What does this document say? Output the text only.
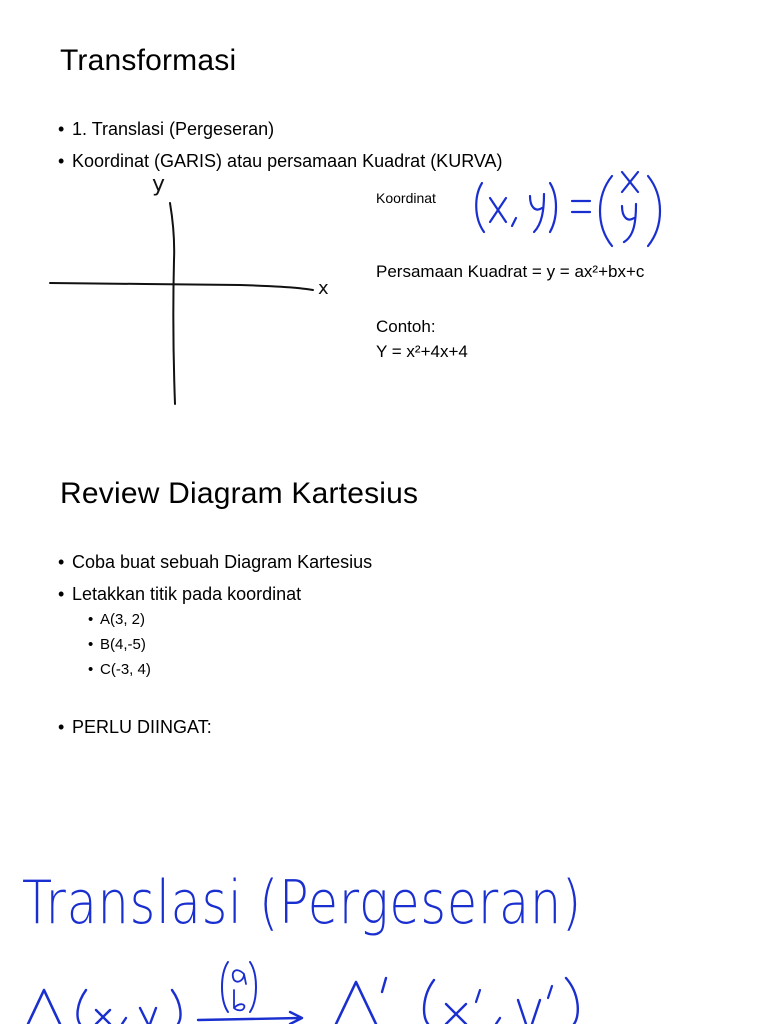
Transformasi
• 1. Translasi (Pergeseran)
• Koordinat (GARIS) atau persamaan Kuadrat (KURVA)
y
x
Koordinat
Persamaan Kuadrat = y = ax²+bx+c
Contoh:
Y = x²+4x+4
Review Diagram Kartesius
• Coba buat sebuah Diagram Kartesius
• Letakkan titik pada koordinat
• A(3, 2)
• B(4,-5)
• C(-3, 4)
• PERLU DIINGAT:
Translasi (Pergeseran)
